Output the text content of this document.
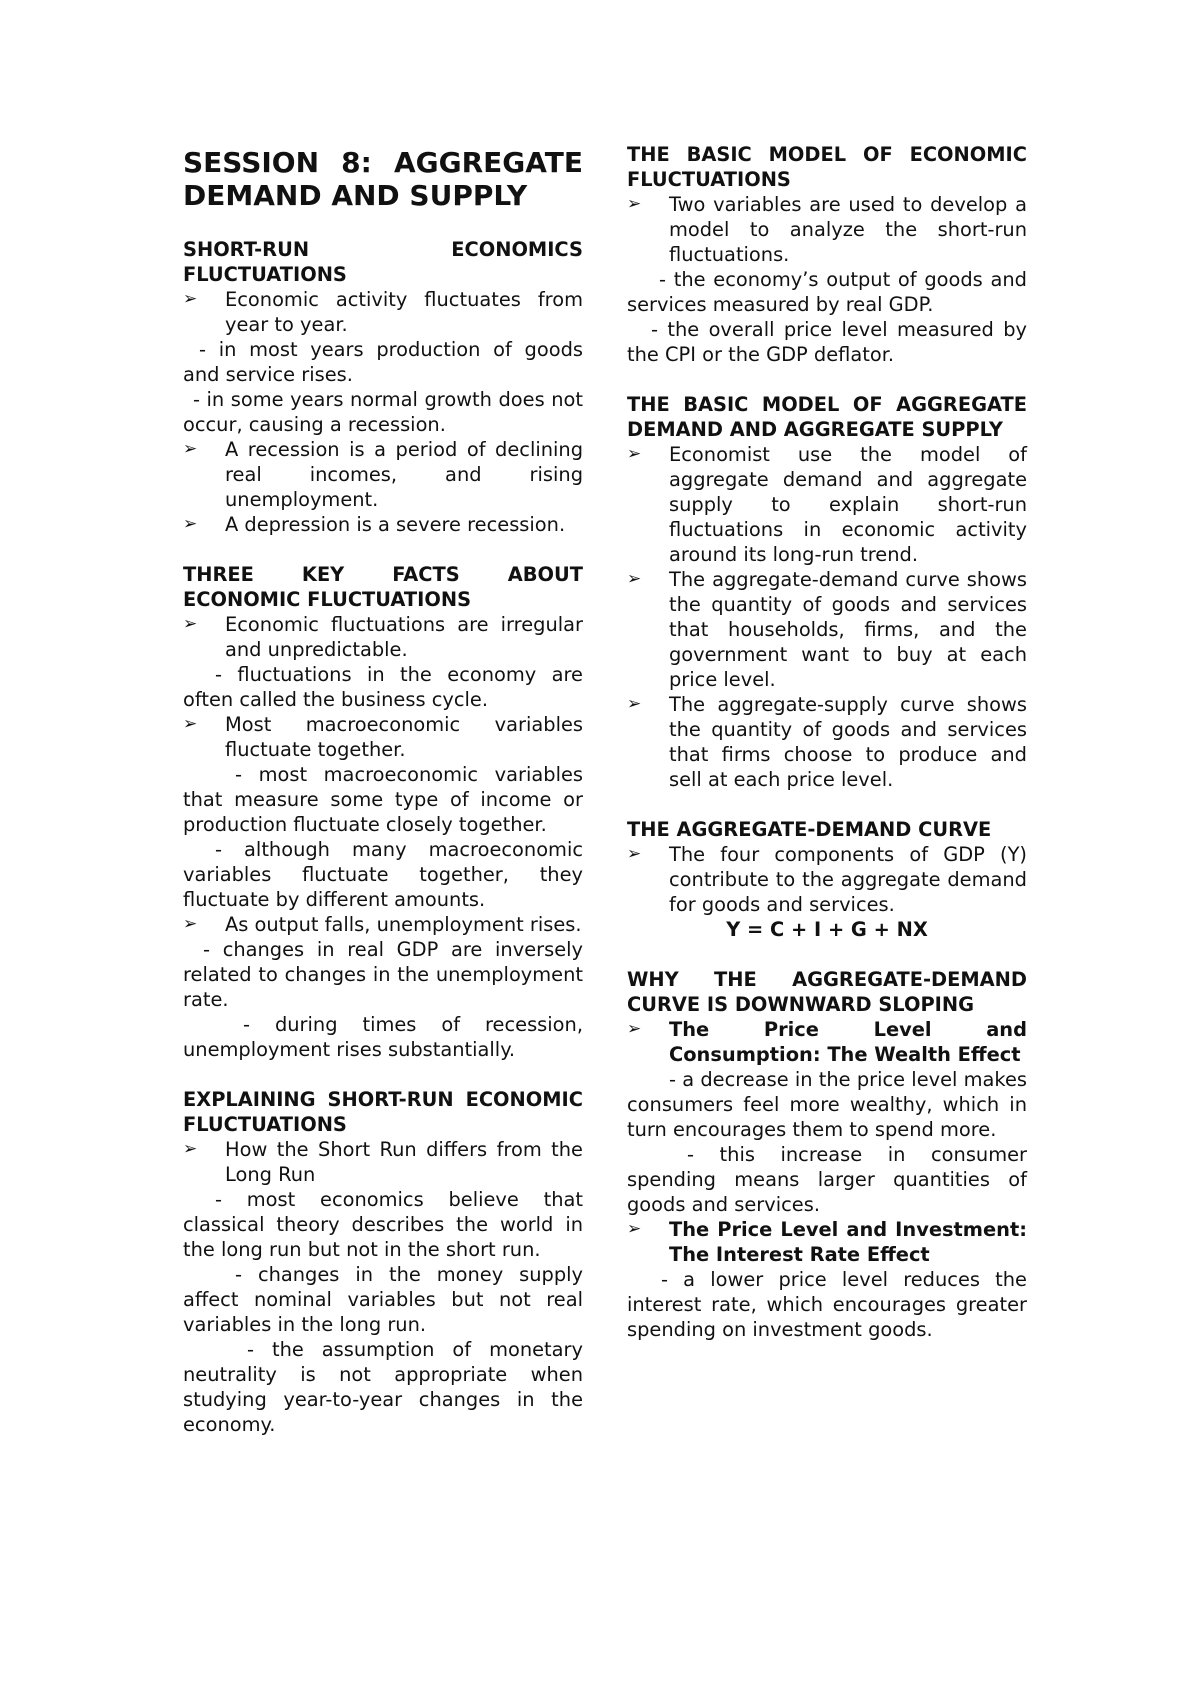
SESSION 8: AGGREGATE DEMAND AND SUPPLY
SHORT-RUN ECONOMICS FLUCTUATIONS
➢	Economic activity fluctuates from year to year.
- in most years production of goods and service rises.
- in some years normal growth does not occur, causing a recession.
➢	A recession is a period of declining real incomes, and rising unemployment.
➢	A depression is a severe recession.
THREE KEY FACTS ABOUT ECONOMIC FLUCTUATIONS
➢	Economic fluctuations are irregular and unpredictable.
- fluctuations in the economy are often called the business cycle.
➢	Most macroeconomic variables fluctuate together.
- most macroeconomic variables that measure some type of income or production fluctuate closely together.
- although many macroeconomic variables fluctuate together, they fluctuate by different amounts.
➢	As output falls, unemployment rises.
- changes in real GDP are inversely related to changes in the unemployment rate.
- during times of recession, unemployment rises substantially.
EXPLAINING SHORT-RUN ECONOMIC FLUCTUATIONS
➢	How the Short Run differs from the Long Run
- most economics believe that classical theory describes the world in the long run but not in the short run.
- changes in the money supply affect nominal variables but not real variables in the long run.
- the assumption of monetary neutrality is not appropriate when studying year-to-year changes in the economy.
THE BASIC MODEL OF ECONOMIC FLUCTUATIONS
➢	Two variables are used to develop a model to analyze the short-run fluctuations.
- the economy’s output of goods and services measured by real GDP.
- the overall price level measured by the CPI or the GDP deflator.
THE BASIC MODEL OF AGGREGATE DEMAND AND AGGREGATE SUPPLY
➢	Economist use the model of aggregate demand and aggregate supply to explain short-run fluctuations in economic activity around its long-run trend.
➢	The aggregate-demand curve shows the quantity of goods and services that households, firms, and the government want to buy at each price level.
➢	The aggregate-supply curve shows the quantity of goods and services that firms choose to produce and sell at each price level.
THE AGGREGATE-DEMAND CURVE
➢	The four components of GDP (Y) contribute to the aggregate demand for goods and services.
Y = C + I + G + NX
WHY THE AGGREGATE-DEMAND CURVE IS DOWNWARD SLOPING
➢	The Price Level and Consumption: The Wealth Effect
- a decrease in the price level makes consumers feel more wealthy, which in turn encourages them to spend more.
- this increase in consumer spending means larger quantities of goods and services.
➢	The Price Level and Investment: The Interest Rate Effect
- a lower price level reduces the interest rate, which encourages greater spending on investment goods.
